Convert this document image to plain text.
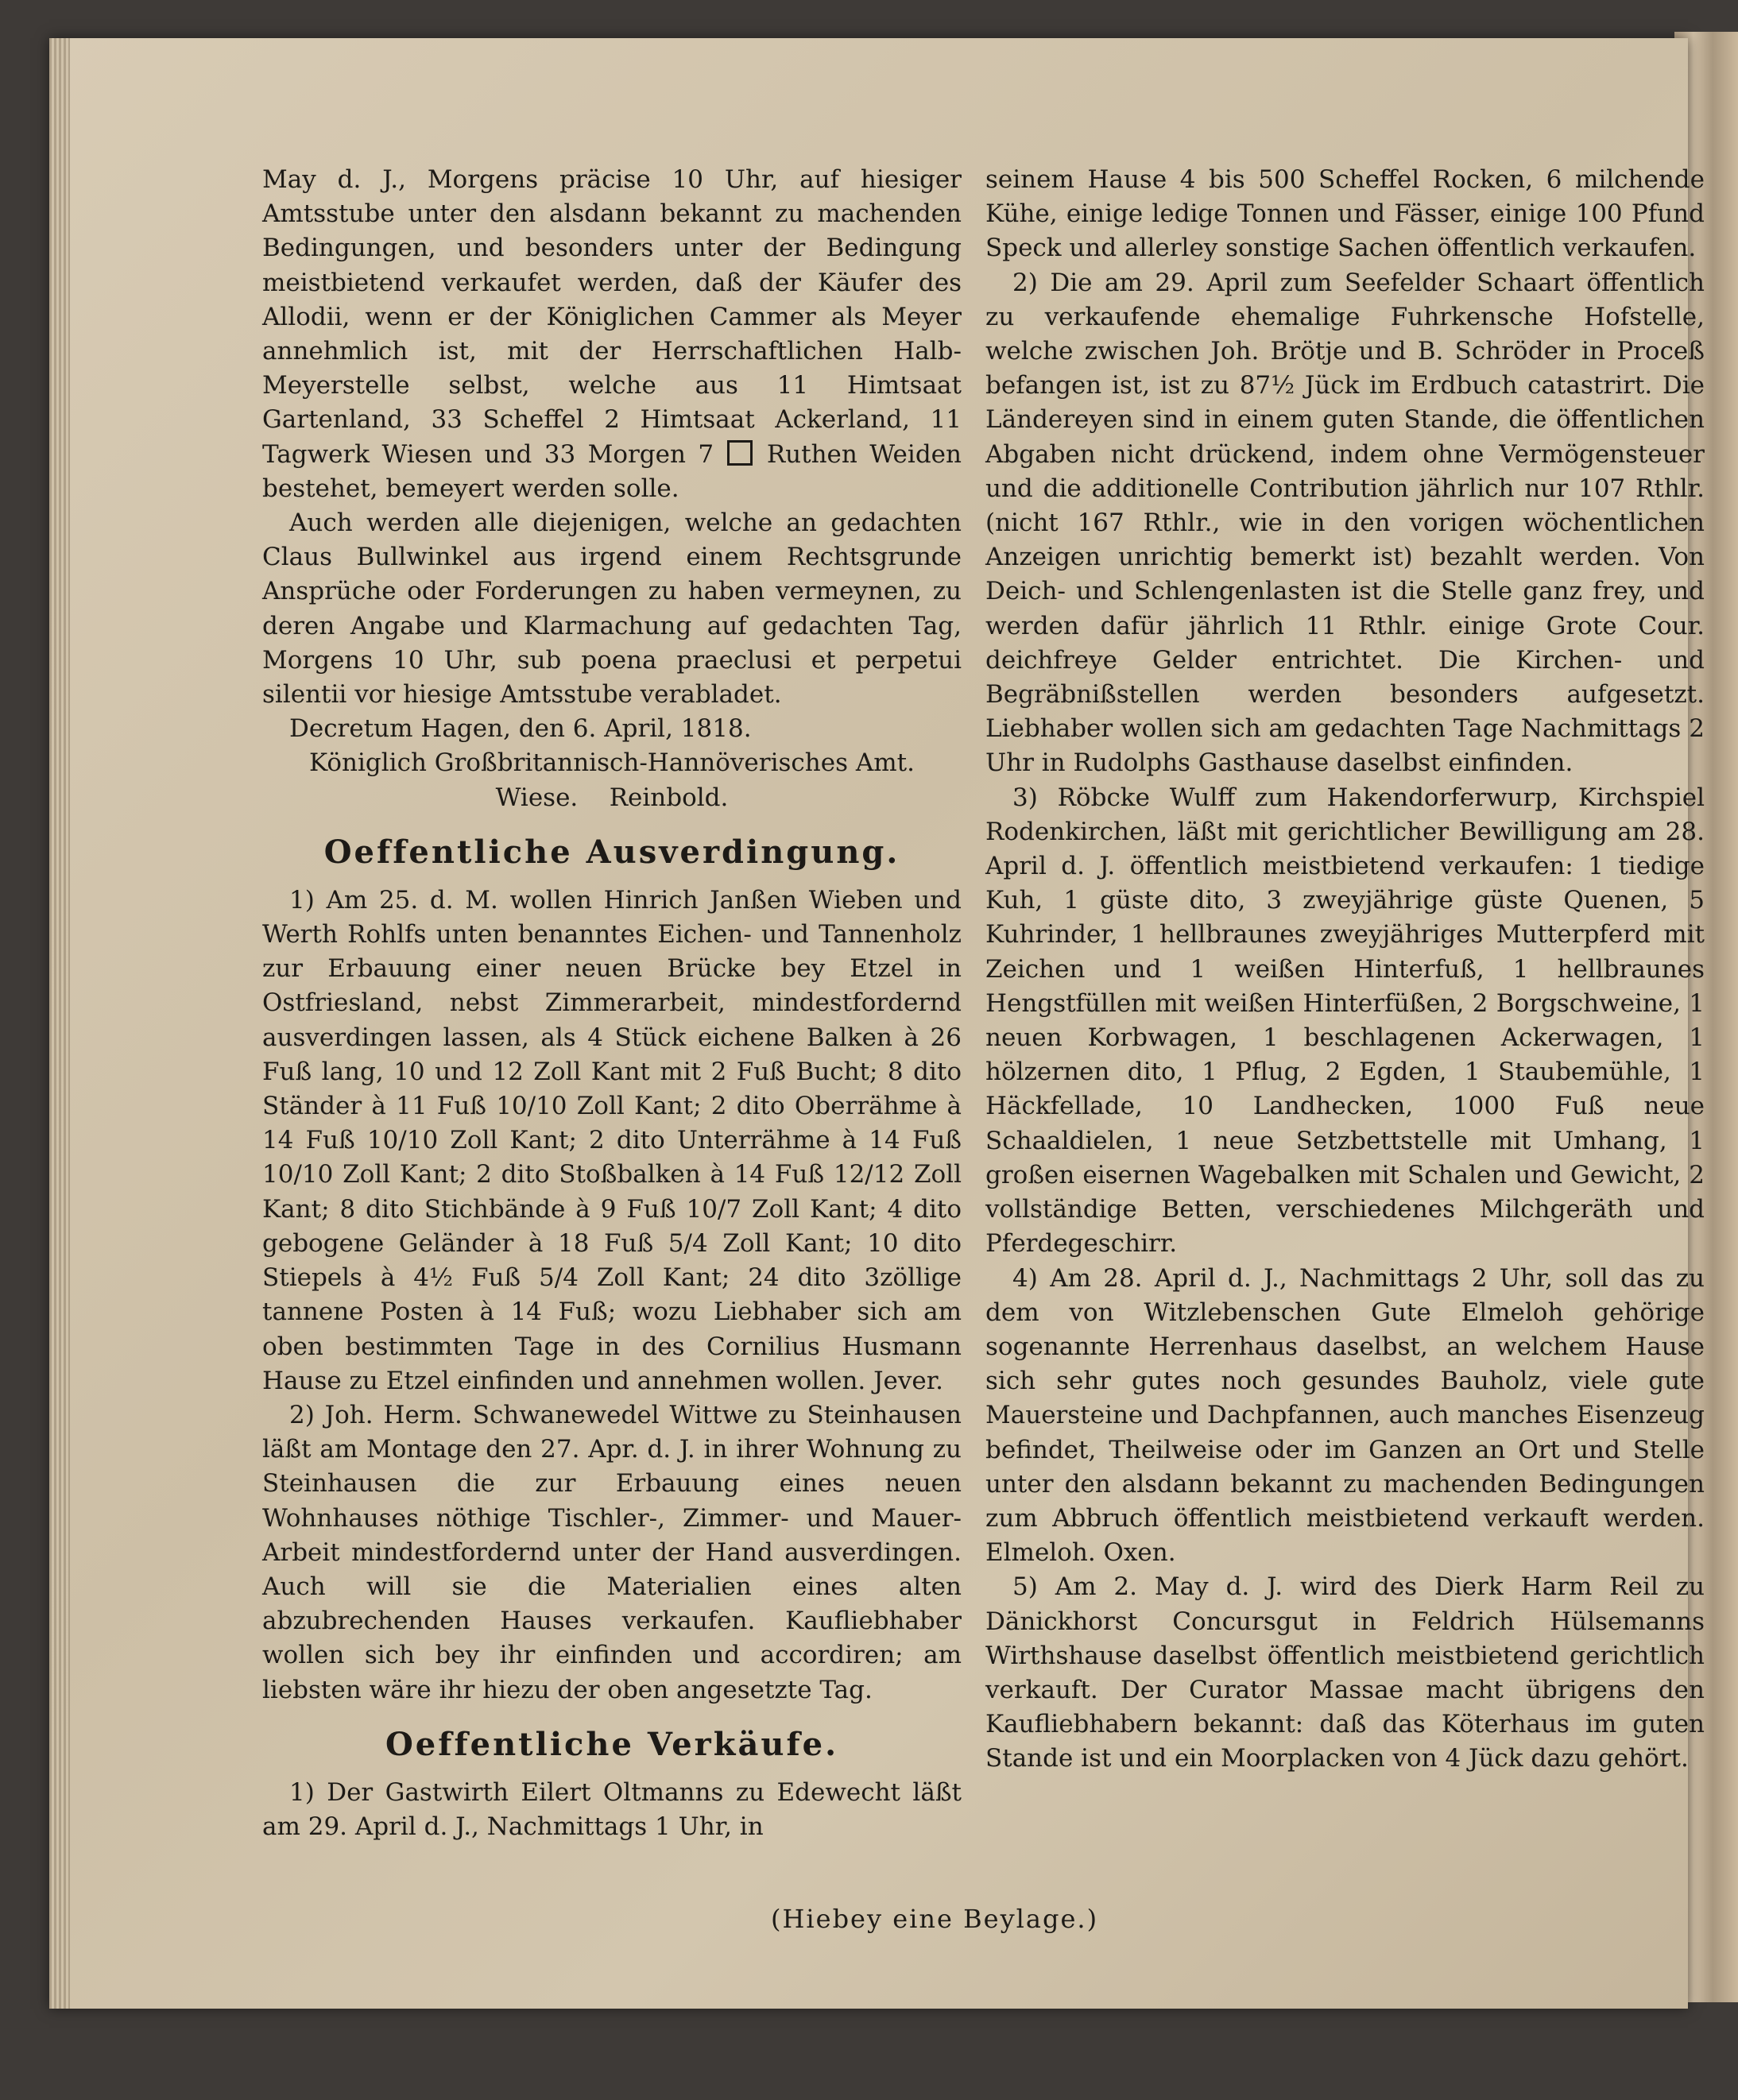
May d. J., Morgens präcise 10 Uhr, auf hiesiger Amtsstube unter den alsdann bekannt zu machenden Bedingungen, und besonders unter der Bedingung meistbietend verkaufet werden, daß der Käufer des Allodii, wenn er der Königlichen Cammer als Meyer annehmlich ist, mit der Herrschaftlichen Halb-Meyerstelle selbst, welche aus 11 Himtsaat Gartenland, 33 Scheffel 2 Himtsaat Ackerland, 11 Tagwerk Wiesen und 33 Morgen 7 Ruthen Weiden bestehet, bemeyert werden solle.

Auch werden alle diejenigen, welche an gedachten Claus Bullwinkel aus irgend einem Rechtsgrunde Ansprüche oder Forderungen zu haben vermeynen, zu deren Angabe und Klarmachung auf gedachten Tag, Morgens 10 Uhr, sub poena praeclusi et perpetui silentii vor hiesige Amtsstube verabladet.

Decretum Hagen, den 6. April, 1818.

Königlich Großbritannisch-Hannöverisches Amt.

Wiese.    Reinbold.

Oeffentliche Ausverdingung.

1) Am 25. d. M. wollen Hinrich Janßen Wieben und Werth Rohlfs unten benanntes Eichen- und Tannenholz zur Erbauung einer neuen Brücke bey Etzel in Ostfriesland, nebst Zimmerarbeit, mindestfordernd ausverdingen lassen, als 4 Stück eichene Balken à 26 Fuß lang, 10 und 12 Zoll Kant mit 2 Fuß Bucht; 8 dito Ständer à 11 Fuß 10/10 Zoll Kant; 2 dito Oberrähme à 14 Fuß 10/10 Zoll Kant; 2 dito Unterrähme à 14 Fuß 10/10 Zoll Kant; 2 dito Stoßbalken à 14 Fuß 12/12 Zoll Kant; 8 dito Stichbände à 9 Fuß 10/7 Zoll Kant; 4 dito gebogene Geländer à 18 Fuß 5/4 Zoll Kant; 10 dito Stiepels à 4½ Fuß 5/4 Zoll Kant; 24 dito 3zöllige tannene Posten à 14 Fuß; wozu Liebhaber sich am oben bestimmten Tage in des Cornilius Husmann Hause zu Etzel einfinden und annehmen wollen. Jever.

2) Joh. Herm. Schwanewedel Wittwe zu Steinhausen läßt am Montage den 27. Apr. d. J. in ihrer Wohnung zu Steinhausen die zur Erbauung eines neuen Wohnhauses nöthige Tischler-, Zimmer- und Mauer-Arbeit mindestfordernd unter der Hand ausverdingen. Auch will sie die Materialien eines alten abzubrechenden Hauses verkaufen. Kaufliebhaber wollen sich bey ihr einfinden und accordiren; am liebsten wäre ihr hiezu der oben angesetzte Tag.

Oeffentliche Verkäufe.

1) Der Gastwirth Eilert Oltmanns zu Edewecht läßt am 29. April d. J., Nachmittags 1 Uhr, in

seinem Hause 4 bis 500 Scheffel Rocken, 6 milchende Kühe, einige ledige Tonnen und Fässer, einige 100 Pfund Speck und allerley sonstige Sachen öffentlich verkaufen.

2) Die am 29. April zum Seefelder Schaart öffentlich zu verkaufende ehemalige Fuhrkensche Hofstelle, welche zwischen Joh. Brötje und B. Schröder in Proceß befangen ist, ist zu 87½ Jück im Erdbuch catastrirt. Die Ländereyen sind in einem guten Stande, die öffentlichen Abgaben nicht drückend, indem ohne Vermögensteuer und die additionelle Contribution jährlich nur 107 Rthlr. (nicht 167 Rthlr., wie in den vorigen wöchentlichen Anzeigen unrichtig bemerkt ist) bezahlt werden. Von Deich- und Schlengenlasten ist die Stelle ganz frey, und werden dafür jährlich 11 Rthlr. einige Grote Cour. deichfreye Gelder entrichtet. Die Kirchen- und Begräbnißstellen werden besonders aufgesetzt. Liebhaber wollen sich am gedachten Tage Nachmittags 2 Uhr in Rudolphs Gasthause daselbst einfinden.

3) Röbcke Wulff zum Hakendorferwurp, Kirchspiel Rodenkirchen, läßt mit gerichtlicher Bewilligung am 28. April d. J. öffentlich meistbietend verkaufen: 1 tiedige Kuh, 1 güste dito, 3 zweyjährige güste Quenen, 5 Kuhrinder, 1 hellbraunes zweyjähriges Mutterpferd mit Zeichen und 1 weißen Hinterfuß, 1 hellbraunes Hengstfüllen mit weißen Hinterfüßen, 2 Borgschweine, 1 neuen Korbwagen, 1 beschlagenen Ackerwagen, 1 hölzernen dito, 1 Pflug, 2 Egden, 1 Staubemühle, 1 Häckfellade, 10 Landhecken, 1000 Fuß neue Schaaldielen, 1 neue Setzbettstelle mit Umhang, 1 großen eisernen Wagebalken mit Schalen und Gewicht, 2 vollständige Betten, verschiedenes Milchgeräth und Pferdegeschirr.

4) Am 28. April d. J., Nachmittags 2 Uhr, soll das zu dem von Witzlebenschen Gute Elmeloh gehörige sogenannte Herrenhaus daselbst, an welchem Hause sich sehr gutes noch gesundes Bauholz, viele gute Mauersteine und Dachpfannen, auch manches Eisenzeug befindet, Theilweise oder im Ganzen an Ort und Stelle unter den alsdann bekannt zu machenden Bedingungen zum Abbruch öffentlich meistbietend verkauft werden. Elmeloh. Oxen.

5) Am 2. May d. J. wird des Dierk Harm Reil zu Dänickhorst Concursgut in Feldrich Hülsemanns Wirthshause daselbst öffentlich meistbietend gerichtlich verkauft. Der Curator Massae macht übrigens den Kaufliebhabern bekannt: daß das Köterhaus im guten Stande ist und ein Moorplacken von 4 Jück dazu gehört.

(Hiebey eine Beylage.)
